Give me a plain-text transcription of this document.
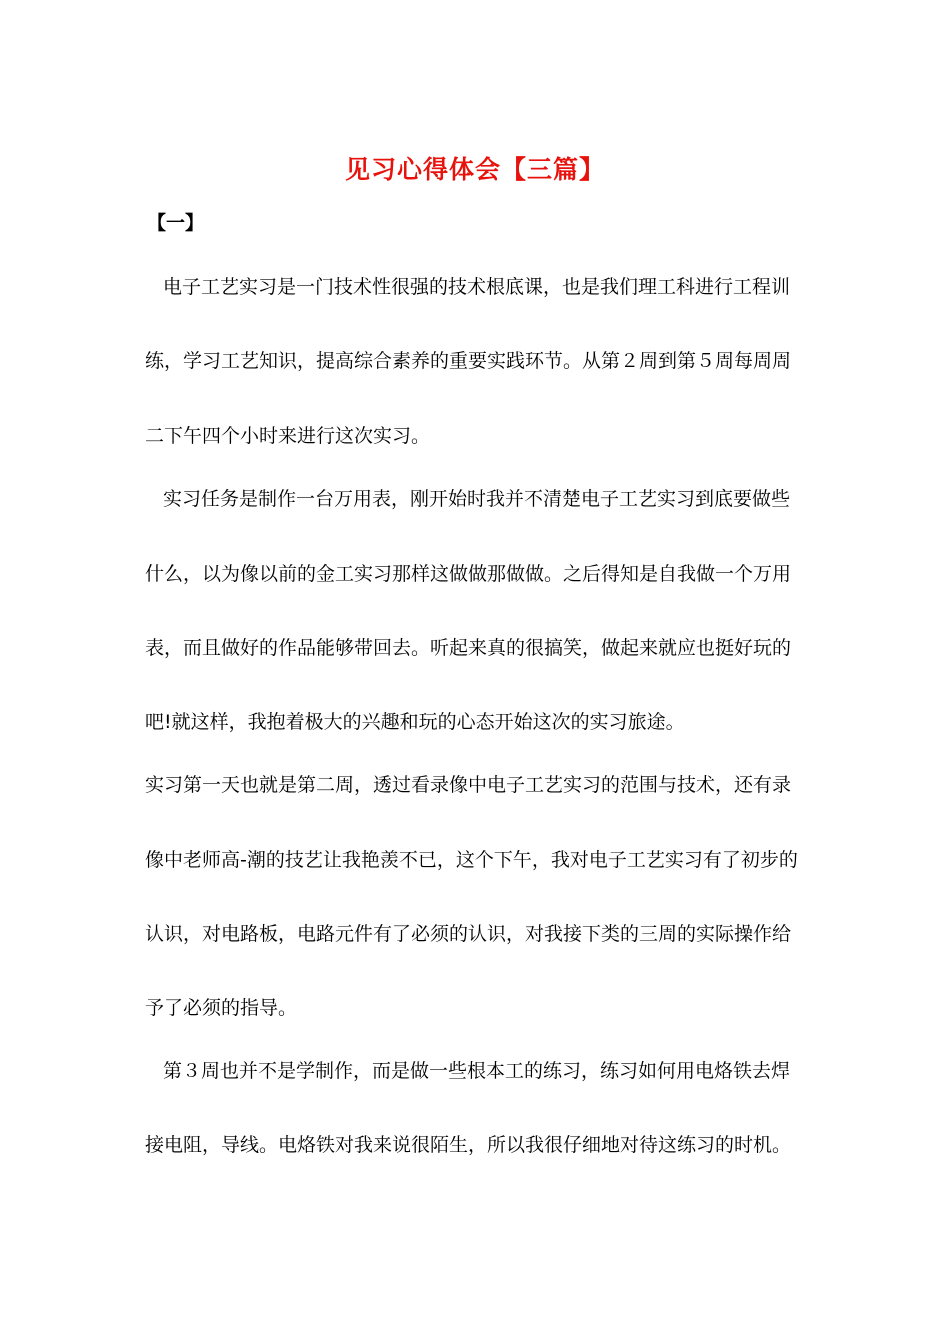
见习心得体会【三篇】
【一】
电子工艺实习是一门技术性很强的技术根底课，也是我们理工科进行工程训
练，学习工艺知识，提高综合素养的重要实践环节。从第２周到第５周每周周
二下午四个小时来进行这次实习。
实习任务是制作一台万用表，刚开始时我并不清楚电子工艺实习到底要做些
什么，以为像以前的金工实习那样这做做那做做。之后得知是自我做一个万用
表，而且做好的作品能够带回去。听起来真的很搞笑，做起来就应也挺好玩的
吧!就这样，我抱着极大的兴趣和玩的心态开始这次的实习旅途。
实习第一天也就是第二周，透过看录像中电子工艺实习的范围与技术，还有录
像中老师高-潮的技艺让我艳羡不已，这个下午，我对电子工艺实习有了初步的
认识，对电路板，电路元件有了必须的认识，对我接下类的三周的实际操作给
予了必须的指导。
第３周也并不是学制作，而是做一些根本工的练习，练习如何用电烙铁去焊
接电阻，导线。电烙铁对我来说很陌生，所以我很仔细地对待这练习的时机。
